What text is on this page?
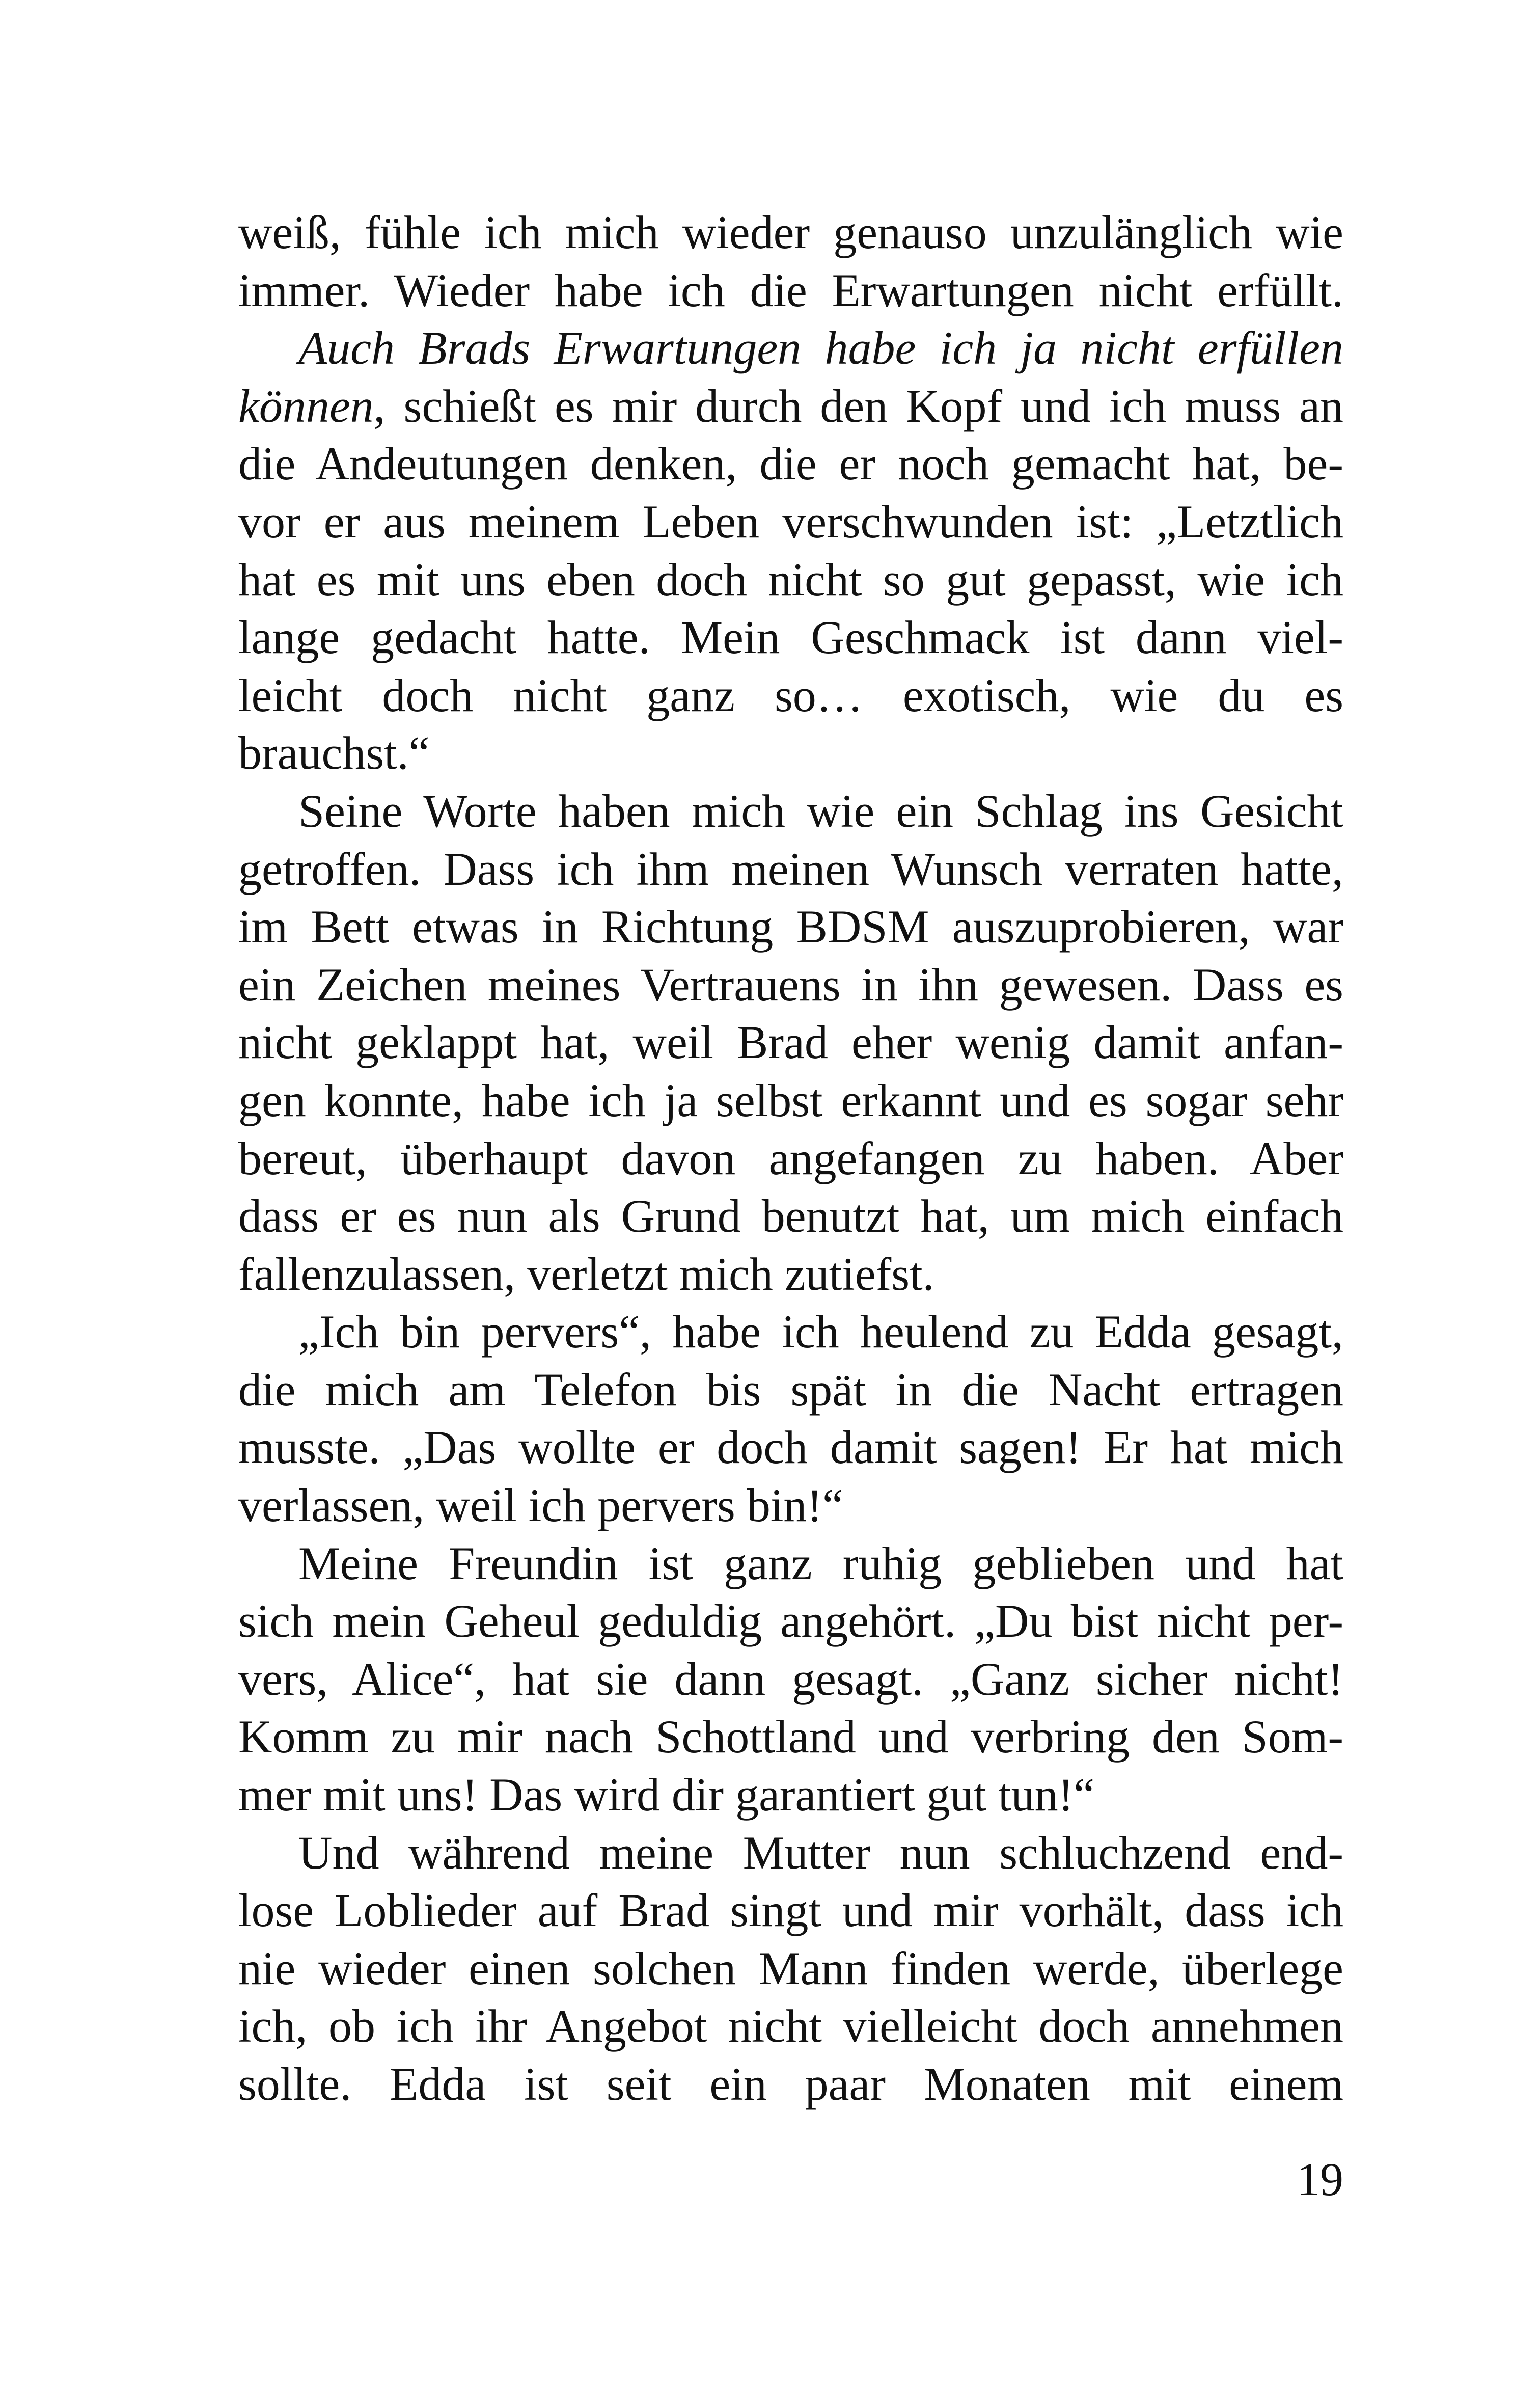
weiß, fühle ich mich wieder genauso unzulänglich wie
immer. Wieder habe ich die Erwartungen nicht erfüllt.
Auch Brads Erwartungen habe ich ja nicht erfüllen
können, schießt es mir durch den Kopf und ich muss an
die Andeutungen denken, die er noch gemacht hat, be-
vor er aus meinem Leben verschwunden ist: „Letztlich
hat es mit uns eben doch nicht so gut gepasst, wie ich
lange gedacht hatte. Mein Geschmack ist dann viel-
leicht doch nicht ganz so… exotisch, wie du es
brauchst.“
Seine Worte haben mich wie ein Schlag ins Gesicht
getroffen. Dass ich ihm meinen Wunsch verraten hatte,
im Bett etwas in Richtung BDSM auszuprobieren, war
ein Zeichen meines Vertrauens in ihn gewesen. Dass es
nicht geklappt hat, weil Brad eher wenig damit anfan-
gen konnte, habe ich ja selbst erkannt und es sogar sehr
bereut, überhaupt davon angefangen zu haben. Aber
dass er es nun als Grund benutzt hat, um mich einfach
fallenzulassen, verletzt mich zutiefst.
„Ich bin pervers“, habe ich heulend zu Edda gesagt,
die mich am Telefon bis spät in die Nacht ertragen
musste. „Das wollte er doch damit sagen! Er hat mich
verlassen, weil ich pervers bin!“
Meine Freundin ist ganz ruhig geblieben und hat
sich mein Geheul geduldig angehört. „Du bist nicht per-
vers, Alice“, hat sie dann gesagt. „Ganz sicher nicht!
Komm zu mir nach Schottland und verbring den Som-
mer mit uns! Das wird dir garantiert gut tun!“
Und während meine Mutter nun schluchzend end-
lose Loblieder auf Brad singt und mir vorhält, dass ich
nie wieder einen solchen Mann finden werde, überlege
ich, ob ich ihr Angebot nicht vielleicht doch annehmen
sollte. Edda ist seit ein paar Monaten mit einem
19
